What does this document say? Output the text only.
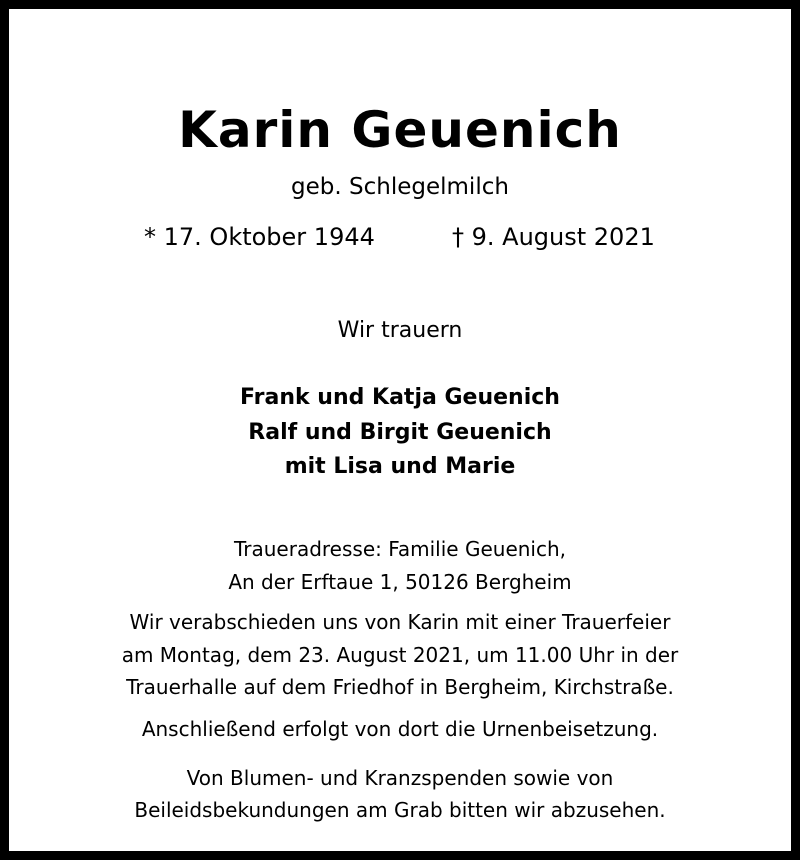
Karin Geuenich
geb. Schlegelmilch
* 17. Oktober 1944	† 9. August 2021
Wir trauern
Frank und Katja Geuenich
Ralf und Birgit Geuenich
mit Lisa und Marie
Traueradresse: Familie Geuenich,
An der Erftaue 1, 50126 Bergheim
Wir verabschieden uns von Karin mit einer Trauerfeier
am Montag, dem 23. August 2021, um 11.00 Uhr in der
Trauerhalle auf dem Friedhof in Bergheim, Kirchstraße.
Anschließend erfolgt von dort die Urnenbeisetzung.
Von Blumen- und Kranzspenden sowie von
Beileidsbekundungen am Grab bitten wir abzusehen.
